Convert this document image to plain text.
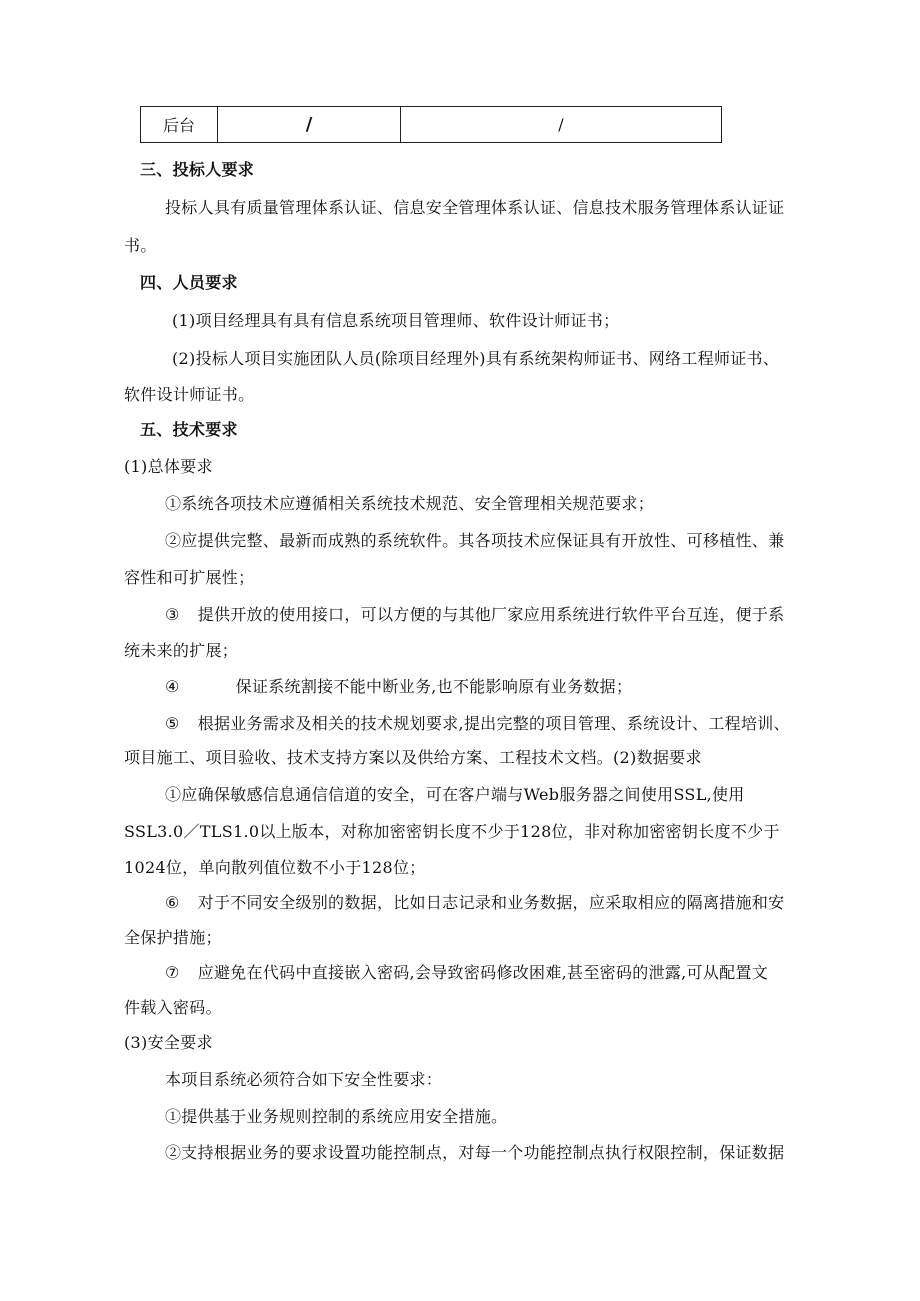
后台	/	/
三、投标人要求
投标人具有质量管理体系认证、信息安全管理体系认证、信息技术服务管理体系认证证
书。
四、人员要求
(1)项目经理具有具有信息系统项目管理师、软件设计师证书；
(2)投标人项目实施团队人员(除项目经理外)具有系统架构师证书、网络工程师证书、
软件设计师证书。
五、技术要求
(1)总体要求
①系统各项技术应遵循相关系统技术规范、安全管理相关规范要求；
②应提供完整、最新而成熟的系统软件。其各项技术应保证具有开放性、可移植性、兼
容性和可扩展性；
③ 提供开放的使用接口，可以方便的与其他厂家应用系统进行软件平台互连，便于系
统未来的扩展；
④	保证系统割接不能中断业务,也不能影响原有业务数据；
⑤ 根据业务需求及相关的技术规划要求,提出完整的项目管理、系统设计、工程培训、
项目施工、项目验收、技术支持方案以及供给方案、工程技术文档。(2)数据要求
①应确保敏感信息通信信道的安全，可在客户端与Web服务器之间使用SSL,使用
SSL3.0／TLS1.0以上版本，对称加密密钥长度不少于128位，非对称加密密钥长度不少于
1024位，单向散列值位数不小于128位；
⑥ 对于不同安全级别的数据，比如日志记录和业务数据，应采取相应的隔离措施和安
全保护措施；
⑦ 应避免在代码中直接嵌入密码,会导致密码修改困难,甚至密码的泄露,可从配置文
件载入密码。
(3)安全要求
本项目系统必须符合如下安全性要求：
①提供基于业务规则控制的系统应用安全措施。
②支持根据业务的要求设置功能控制点，对每一个功能控制点执行权限控制，保证数据
